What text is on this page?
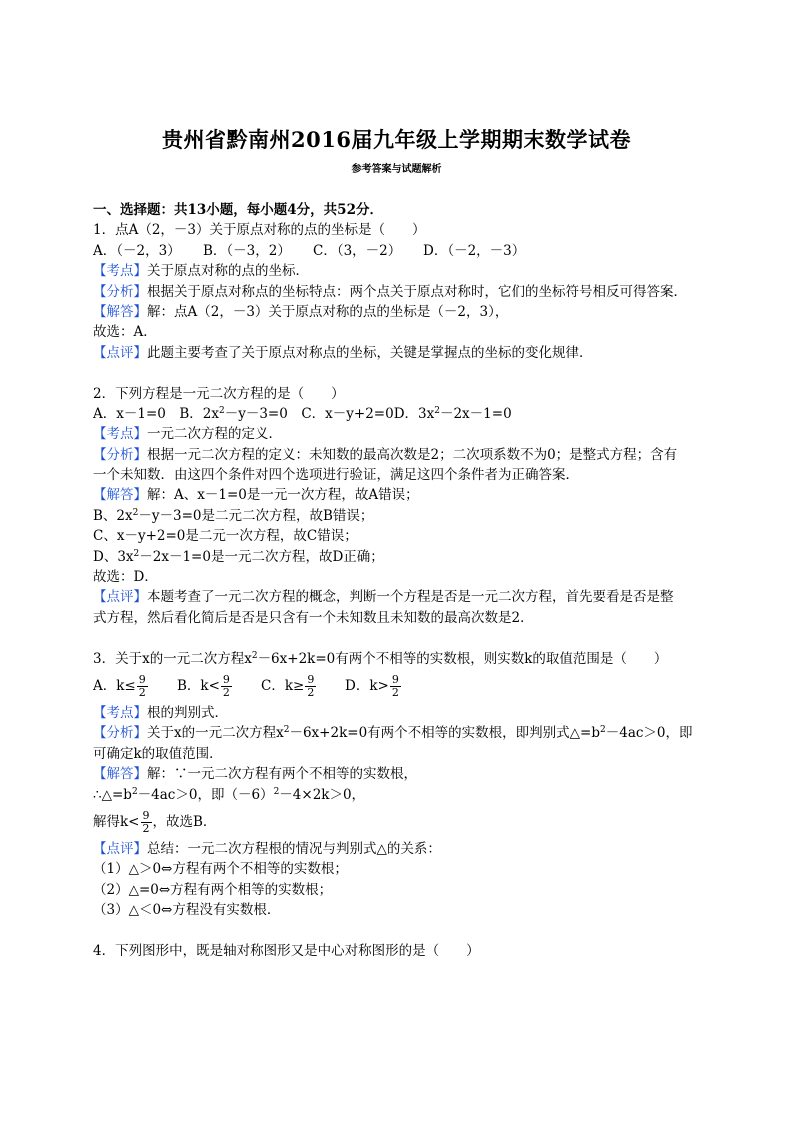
贵州省黔南州2016届九年级上学期期末数学试卷
参考答案与试题解析
一、选择题：共13小题，每小题4分，共52分．
1．点A（2，－3）关于原点对称的点的坐标是（　　）
A．（－2，3） B．（－3，2） C．（3，－2） D．（－2，－3）
【考点】关于原点对称的点的坐标．
【分析】根据关于原点对称点的坐标特点：两个点关于原点对称时，它们的坐标符号相反可得答案．
【解答】解：点A（2，－3）关于原点对称的点的坐标是（－2，3），
故选：A．
【点评】此题主要考查了关于原点对称点的坐标，关键是掌握点的坐标的变化规律．
2．下列方程是一元二次方程的是（　　）
A．x－1=0　B．$2x^2-y-3=0$　C．x－y+2=0D．$3x^2-2x-1=0$
【考点】一元二次方程的定义．
【分析】根据一元二次方程的定义：未知数的最高次数是2；二次项系数不为0；是整式方程；含有
一个未知数．由这四个条件对四个选项进行验证，满足这四个条件者为正确答案．
【解答】解：A、x－1=0是一元一次方程，故A错误；
B、$2x^2-y-3=0$是二元二次方程，故B错误；
C、x－y+2=0是二元一次方程，故C错误；
D、$3x^2-2x-1=0$是一元二次方程，故D正确；
故选：D．
【点评】本题考查了一元二次方程的概念，判断一个方程是否是一元二次方程，首先要看是否是整
式方程，然后看化简后是否是只含有一个未知数且未知数的最高次数是2．
3．关于x的一元二次方程$x^2-6x+2k=0$有两个不相等的实数根，则实数k的取值范围是（　　）
A．$k\le \frac{9}{2}$ B．$k< \frac{9}{2}$ C．$k\ge \frac{9}{2}$ D．$k> \frac{9}{2}$
【考点】根的判别式．
【分析】关于x的一元二次方程$x^2-6x+2k=0$有两个不相等的实数根，即判别式$\triangle=b^2-4ac>0$，即
可确定k的取值范围．
【解答】解：∵一元二次方程有两个不相等的实数根，
$\therefore\triangle=b^2-4ac>0$，即$(-6)^2-4\times 2k>0$，
解得$k< \frac{9}{2}$ ，故选B．
【点评】总结：一元二次方程根的情况与判别式△的关系：
（1）△＞0⇔方程有两个不相等的实数根；
（2）△=0⇔方程有两个相等的实数根；
（3）△＜0⇔方程没有实数根．
4．下列图形中，既是轴对称图形又是中心对称图形的是（　　）
